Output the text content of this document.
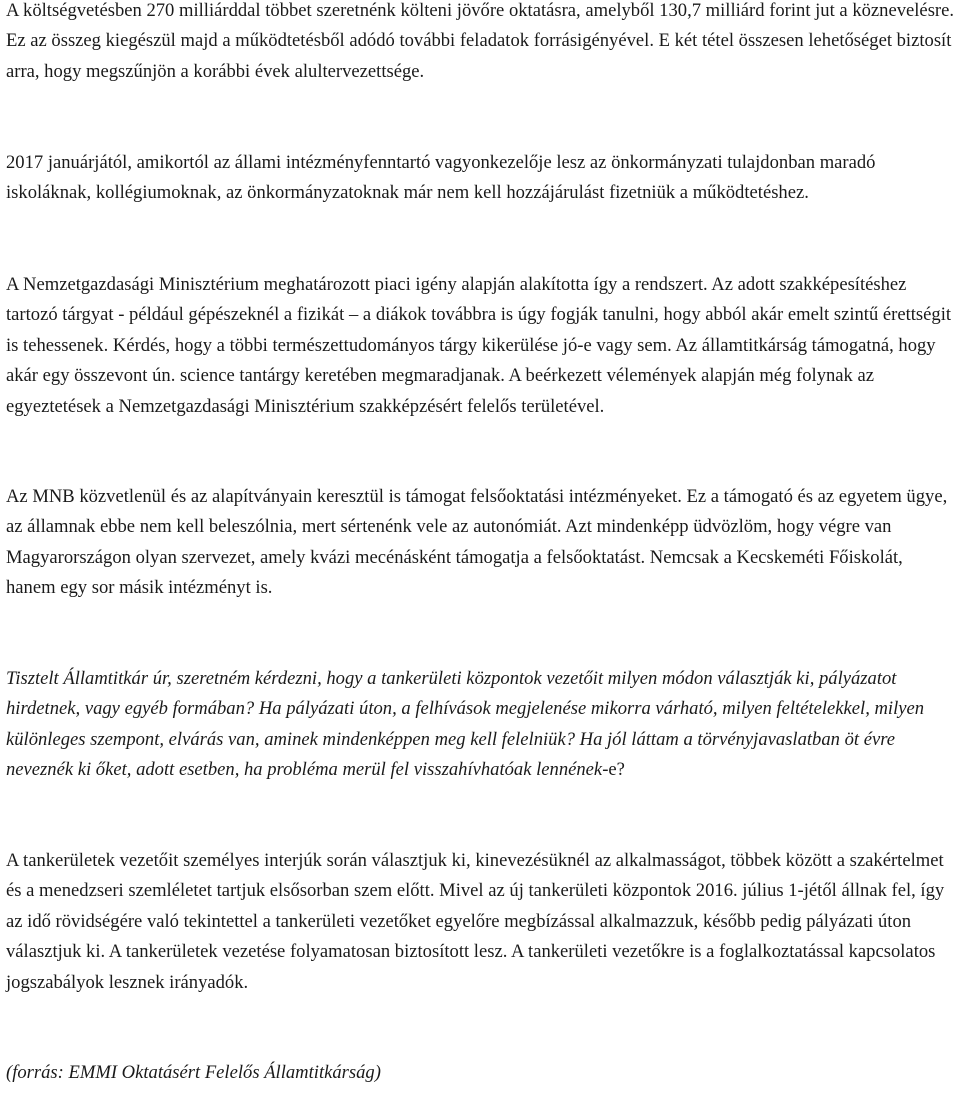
A költségvetésben 270 milliárddal többet szeretnénk költeni jövőre oktatásra, amelyből 130,7 milliárd forint jut a köznevelésre. Ez az összeg kiegészül majd a működtetésből adódó további feladatok forrásigényével. E két tétel összesen lehetőséget biztosít arra, hogy megszűnjön a korábbi évek alultervezettsége.

2017 januárjától, amikortól az állami intézményfenntartó vagyonkezelője lesz az önkormányzati tulajdonban maradó iskoláknak, kollégiumoknak, az önkormányzatoknak már nem kell hozzájárulást fizetniük a működtetéshez.

A Nemzetgazdasági Minisztérium meghatározott piaci igény alapján alakította így a rendszert. Az adott szakképesítéshez tartozó tárgyat - például gépészeknél a fizikát – a diákok továbbra is úgy fogják tanulni, hogy abból akár emelt szintű érettségit is tehessenek. Kérdés, hogy a többi természettudományos tárgy kikerülése jó-e vagy sem. Az államtitkárság támogatná, hogy akár egy összevont ún. science tantárgy keretében megmaradjanak. A beérkezett vélemények alapján még folynak az egyeztetések a Nemzetgazdasági Minisztérium szakképzésért felelős területével.

Az MNB közvetlenül és az alapítványain keresztül is támogat felsőoktatási intézményeket. Ez a támogató és az egyetem ügye, az államnak ebbe nem kell beleszólnia, mert sértenénk vele az autonómiát. Azt mindenképp üdvözlöm, hogy végre van Magyarországon olyan szervezet, amely kvázi mecénásként támogatja a felsőoktatást. Nemcsak a Kecskeméti Főiskolát, hanem egy sor másik intézményt is.

Tisztelt Államtitkár úr, szeretném kérdezni, hogy a tankerületi központok vezetőit milyen módon választják ki, pályázatot hirdetnek, vagy egyéb formában? Ha pályázati úton, a felhívások megjelenése mikorra várható, milyen feltételekkel, milyen különleges szempont, elvárás van, aminek mindenképpen meg kell felelniük? Ha jól láttam a törvényjavaslatban öt évre neveznék ki őket, adott esetben, ha probléma merül fel visszahívhatóak lennének-e?

A tankerületek vezetőit személyes interjúk során választjuk ki, kinevezésüknél az alkalmasságot, többek között a szakértelmet és a menedzseri szemléletet tartjuk elsősorban szem előtt. Mivel az új tankerületi központok 2016. július 1-jétől állnak fel, így az idő rövidségére való tekintettel a tankerületi vezetőket egyelőre megbízással alkalmazzuk, később pedig pályázati úton választjuk ki. A tankerületek vezetése folyamatosan biztosított lesz. A tankerületi vezetőkre is a foglalkoztatással kapcsolatos jogszabályok lesznek irányadók.

(forrás: EMMI Oktatásért Felelős Államtitkárság)
